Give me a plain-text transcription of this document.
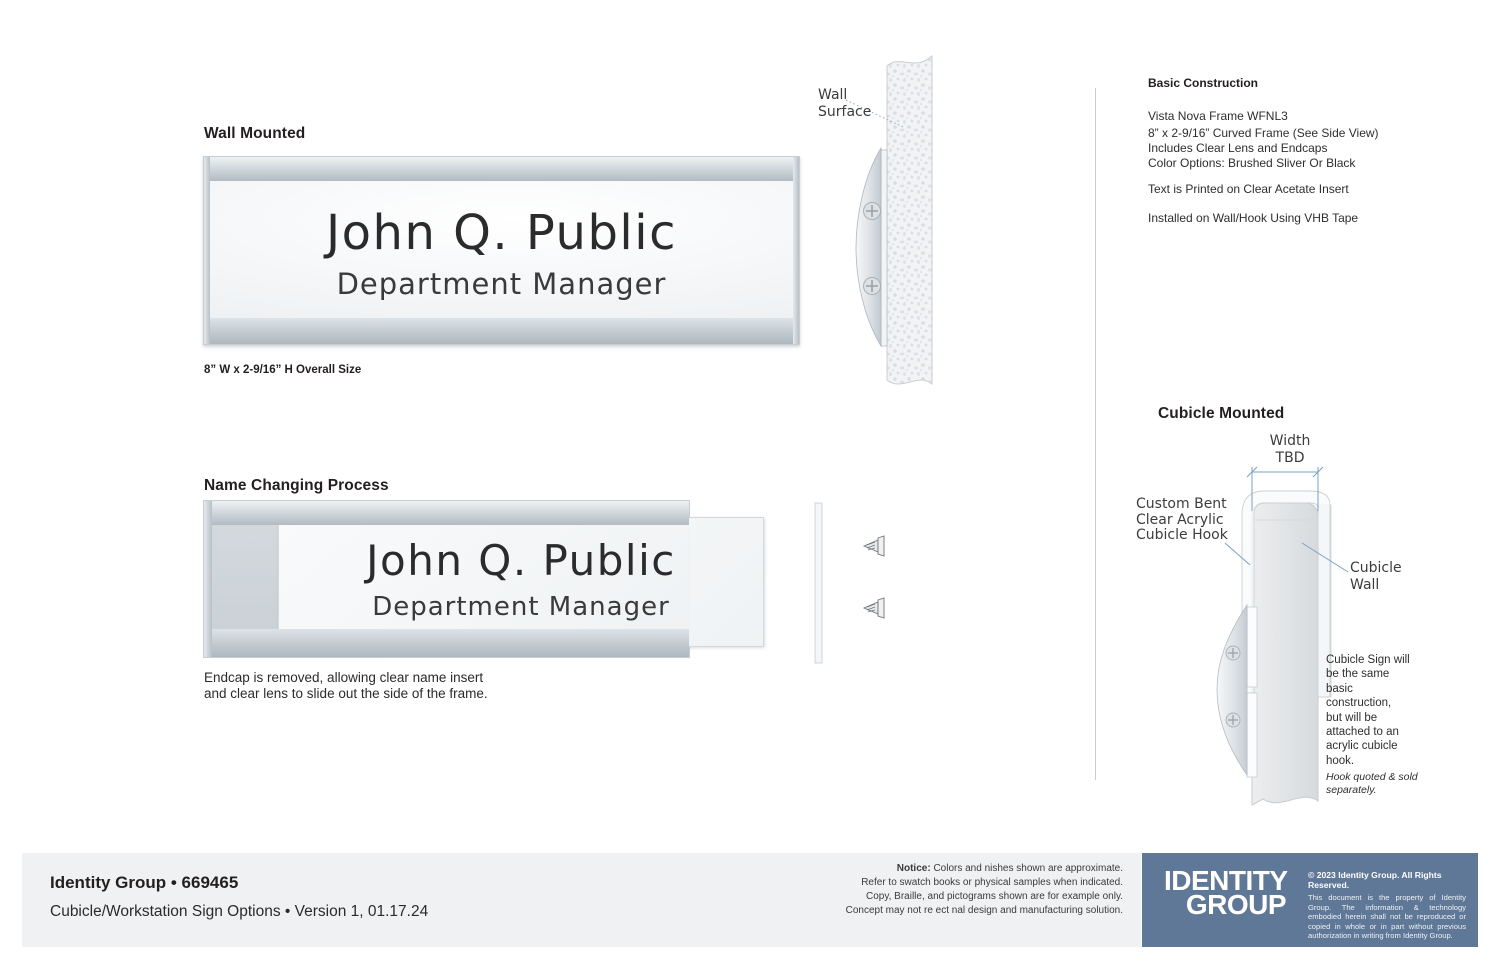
Wall Mounted
John Q. Public
Department Manager
8” W x 2-9/16” H Overall Size
Wall
Surface
Basic Construction
Vista Nova Frame WFNL3
8” x 2-9/16” Curved Frame (See Side View)
Includes Clear Lens and Endcaps
Color Options: Brushed Sliver Or Black
Text is Printed on Clear Acetate Insert
Installed on Wall/Hook Using VHB Tape
Name Changing Process
John Q. Public
Department Manager
Endcap is removed, allowing clear name insert
and clear lens to slide out the side of the frame.
Cubicle Mounted
Width
TBD
Custom Bent
Clear Acrylic
Cubicle Hook
Cubicle
Wall
Cubicle Sign will be the same basic construction, but will be attached to an acrylic cubicle hook.
Hook quoted & sold separately.
Identity Group • 669465
Cubicle/Workstation Sign Options • Version 1, 01.17.24
Notice: Colors and nishes shown are approximate.
Refer to swatch books or physical samples when indicated.
Copy, Braille, and pictograms shown are for example only.
Concept may not re ect nal design and manufacturing solution.
IDENTITY
GROUP
© 2023 Identity Group. All Rights Reserved.
This document is the property of Identity Group. The information & technology embodied herein shall not be reproduced or copied in whole or in part without previous authorization in writing from Identity Group.
